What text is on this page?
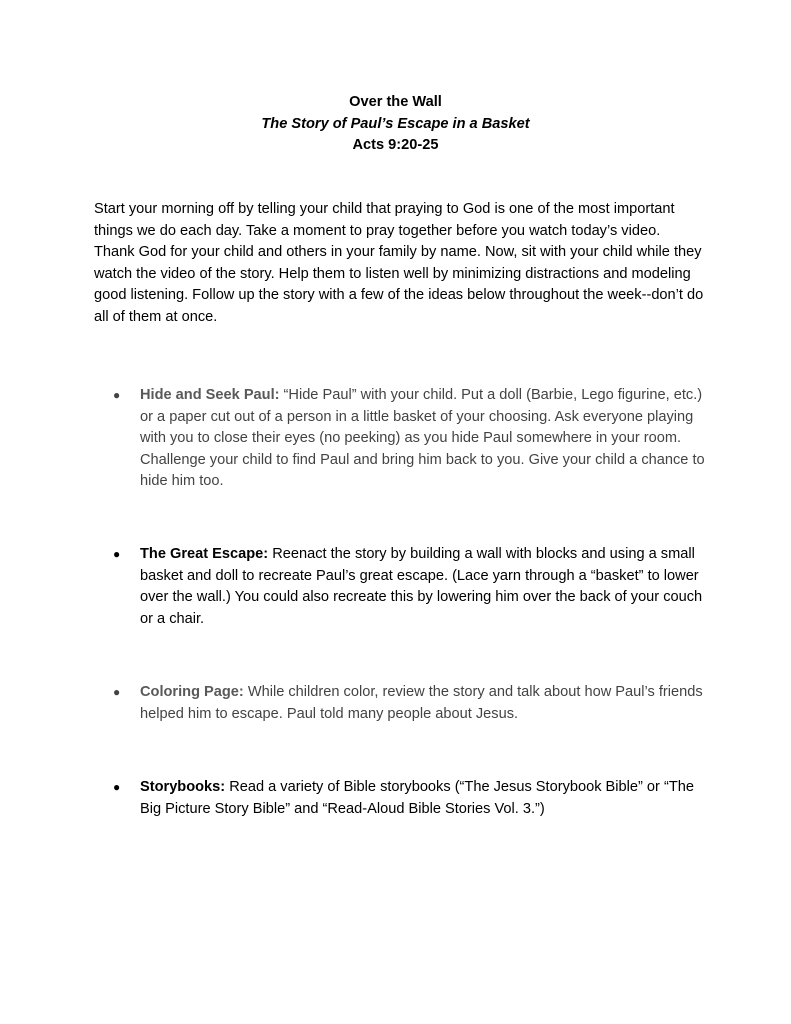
Over the Wall
The Story of Paul’s Escape in a Basket
Acts 9:20-25

Start your morning off by telling your child that praying to God is one of the most important things we do each day. Take a moment to pray together before you watch today’s video. Thank God for your child and others in your family by name. Now, sit with your child while they watch the video of the story. Help them to listen well by minimizing distractions and modeling good listening. Follow up the story with a few of the ideas below throughout the week--don’t do all of them at once.

● Hide and Seek Paul: “Hide Paul” with your child. Put a doll (Barbie, Lego figurine, etc.) or a paper cut out of a person in a little basket of your choosing. Ask everyone playing with you to close their eyes (no peeking) as you hide Paul somewhere in your room. Challenge your child to find Paul and bring him back to you. Give your child a chance to hide him too.

● The Great Escape: Reenact the story by building a wall with blocks and using a small basket and doll to recreate Paul’s great escape. (Lace yarn through a “basket” to lower over the wall.) You could also recreate this by lowering him over the back of your couch or a chair.

● Coloring Page: While children color, review the story and talk about how Paul’s friends helped him to escape. Paul told many people about Jesus.

● Storybooks: Read a variety of Bible storybooks (“The Jesus Storybook Bible” or “The Big Picture Story Bible” and “Read-Aloud Bible Stories Vol. 3.”)
